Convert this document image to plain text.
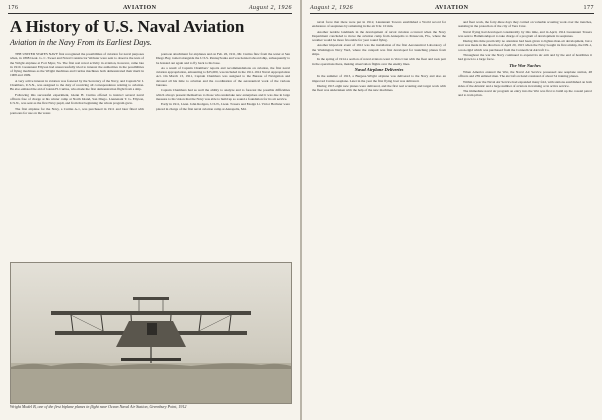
176	AVIATION	August 2, 1926
A History of U.S. Naval Aviation
Aviation in the Navy From its Earliest Days.

THE UNITED STATES NAVY first recognized the possibilities of aviation for naval purposes when, in 1898 Lieut. G. C. Sweet and Naval Constructor Webster were sent to observe the tests of the Wright airplane at Fort Myer, Va. The first real naval activity in aviation, however, came late in 1910. Lieutenant Ellyson had unsuccessfully tried to interest the authorities in the possibilities of flying machines as the Wright machines and Curtiss machines both demonstrated their merit in 1908 and 1909.

A very active interest in aviation was fostered by the Secretary of the Navy, and Captain W. I. Chambers, U.S.N., was assigned to the duty of receiving all correspondence relating to aviation. He also enlisted the aid of Glenn H. Curtiss, who made the first demonstration flight from a ship.

Following this successful experiment, Glenn H. Curtiss offered to instruct several naval officers free of charge at his winter camp at North Island, San Diego. Lieutenant T. G. Ellyson, U.S.N., was sent as the first Navy pupil, and from that beginning the whole program grew.

The first airplane for the Navy, a Curtiss A-1, was purchased in 1911 and later fitted with pontoons for use on the water.

pontoon attachment for airplanes and on Feb. 26, 1911, Mr. Curtiss flew from the water at San Diego Bay, taxied alongside the U.S.S. Pennsylvania and was hoisted aboard ship, subsequently to be hoisted out again and to fly back to his base.

As a result of Captain Chambers' reports and recommendations on aviation, the first naval aviation appropriation, amounting to $25,000, was included in the 1911-1912 Naval Appropriation Act. On March 13, 1911, Captain Chambers was assigned to the Bureau of Navigation and devoted all his time to aviation and the coordination of the aeronautical work of the various bureaus.

Captain Chambers had as well the ability to analyze and to forecast the possible difficulties which always present themselves to those who undertake new enterprises and it was due in large measure to his vision that the Navy was able to build up so sound a foundation for its air service.

Early in 1911, Lieut. John Rodgers, U.S.N., Lieut. Towers and Ensign Lt. Victor Herbster were placed in charge of the first naval aviation camp at Annapolis, Md.

Wright Model B, one of the first biplane planes in flight near Ocean Naval Air Station, Greenbury Point, 1912
August 2, 1926	AVIATION	177

naval force that there were put in 1912, Lieutenant Towers established a World record for endurance of seaplanes by remaining in the air 6 hr. 10 min.

Another notable landmark in the development of naval aviation occurred when the Navy Department concluded to move the aviation camp from Annapolis to Pensacola, Fla., where the weather would be more favorable for year round flying.

Another important event of 1912 was the installation of the first Aeronautical Laboratory of the Washington Navy Yard, where the catapult was first developed for launching planes from ships.

In the spring of 1914 a section of naval aviators went to Vera Cruz with the fleet and took part in the operations there, making observation flights over the enemy lines.

Naval Airplane Deliveries

In the summer of 1913, a Burgess-Wright airplane was delivered to the Navy and also an improved Curtiss seaplane. Later in the year the first flying boat was delivered.

During 1915 eight new planes were delivered, and the first real scouting and target work with the fleet was undertaken with the help of the new machines.

and fleet work, the forty-three days they carried on valuable scouting work over the trenches, assisting in the protection of the city of Vera Cruz.

Naval flying had developed considerably by this time, and in April, 1914 Lieutenant Towers was sent to Hammondsport to take charge of a program of development in seaplanes.

During this time practically no attention had been given to lighter-than-air development, but a start was made in the direction of April 20, 1915 when the Navy bought its first airship, the DN-1, a non-rigid which was purchased from the Connecticut Aircraft Co.

Throughout the war the Navy continued to expand its air arm and by the end of hostilities it had grown to a large force.

The War Naches

When America entered the War, the Naval Air Service possessed one seaplane station, 48 officers and 239 enlisted men. The aircraft on hand consisted of about 54 training planes.

Within a year the Naval Air Service had expanded many fold, with stations established on both sides of the Atlantic and a large number of aviators in training or in active service.

The immediate naval air program on entry into the War was first to build up the coastal patrol and to train pilots.
